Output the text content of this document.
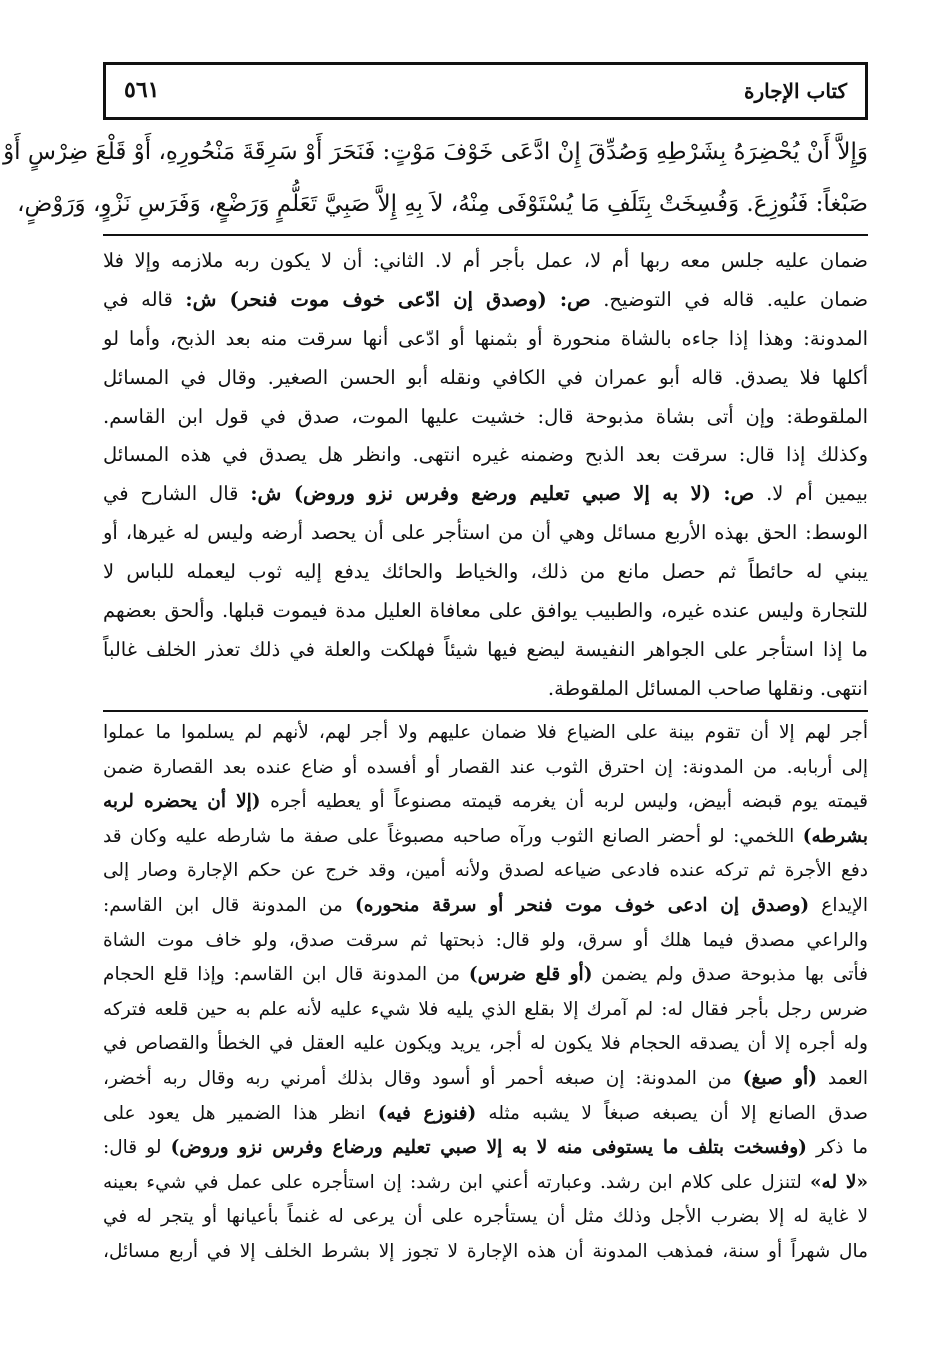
كتاب الإجارة
٥٦١
وَإِلاَّ أَنْ يُحْضِرَهُ بِشَرْطِهِ وَصُدِّقَ إِنْ ادَّعَى خَوْفَ مَوْتٍ: فَنَحَرَ أَوْ سَرِقَةَ مَنْحُورِهِ، أَوْ قَلْعَ ضِرْسٍ أَوْ
صَبْغاً: فَنُوزِعَ. وَفُسِخَتْ بِتَلَفِ مَا يُسْتَوْفَى مِنْهُ، لاَ بِهِ إِلاَّ صَبِيَّ تَعَلُّمٍ وَرَضْعٍ، وَفَرَسِ نَزْوٍ، وَرَوْضٍ،
ضمان عليه جلس معه ربها أم لا، عمل بأجر أم لا. الثاني: أن لا يكون ربه ملازمه وإلا فلا
ضمان عليه. قاله في التوضيح. ص: (وصدق إن ادّعى خوف موت فنحر) ش: قاله في
المدونة: وهذا إذا جاءه بالشاة منحورة أو بثمنها أو ادّعى أنها سرقت منه بعد الذبح، وأما لو
أكلها فلا يصدق. قاله أبو عمران في الكافي ونقله أبو الحسن الصغير. وقال في المسائل
الملقوطة: وإن أتى بشاة مذبوحة قال: خشيت عليها الموت، صدق في قول ابن القاسم.
وكذلك إذا قال: سرقت بعد الذبح وضمنه غيره انتهى. وانظر هل يصدق في هذه المسائل
بيمين أم لا. ص: (لا به إلا صبي تعليم ورضع وفرس نزو وروض) ش: قال الشارح في
الوسط: الحق بهذه الأربع مسائل وهي أن من استأجر على أن يحصد أرضه وليس له غيرها، أو
يبني له حائطاً ثم حصل مانع من ذلك، والخياط والحائك يدفع إليه ثوب ليعمله للباس لا
للتجارة وليس عنده غيره، والطبيب يوافق على معافاة العليل مدة فيموت قبلها. وألحق بعضهم
ما إذا استأجر على الجواهر النفيسة ليضع فيها شيئاً فهلكت والعلة في ذلك تعذر الخلف غالباً
انتهى. ونقلها صاحب المسائل الملقوطة.
أجر لهم إلا أن تقوم بينة على الضياع فلا ضمان عليهم ولا أجر لهم، لأنهم لم يسلموا ما عملوا
إلى أربابه. من المدونة: إن احترق الثوب عند القصار أو أفسده أو ضاع عنده بعد القصارة ضمن
قيمته يوم قبضه أبيض، وليس لربه أن يغرمه قيمته مصنوعاً أو يعطيه أجره (إلا أن يحضره لربه
بشرطه) اللخمي: لو أحضر الصانع الثوب ورآه صاحبه مصبوغاً على صفة ما شارطه عليه وكان قد
دفع الأجرة ثم تركه عنده فادعى ضياعه لصدق ولأنه أمين، وقد خرج عن حكم الإجارة وصار إلى
الإيداع (وصدق إن ادعى خوف موت فنحر أو سرقة منحوره) من المدونة قال ابن القاسم:
والراعي مصدق فيما هلك أو سرق، ولو قال: ذبحتها ثم سرقت صدق، ولو خاف موت الشاة
فأتى بها مذبوحة صدق ولم يضمن (أو قلع ضرس) من المدونة قال ابن القاسم: وإذا قلع الحجام
ضرس رجل بأجر فقال له: لم آمرك إلا بقلع الذي يليه فلا شيء عليه لأنه علم به حين قلعه فتركه
وله أجره إلا أن يصدقه الحجام فلا يكون له أجر، يريد ويكون عليه العقل في الخطأ والقصاص في
العمد (أو صبغ) من المدونة: إن صبغه أحمر أو أسود وقال بذلك أمرني ربه وقال ربه أخضر،
صدق الصانع إلا أن يصبغه صبغاً لا يشبه مثله (فنوزع فيه) انظر هذا الضمير هل يعود على
ما ذكر (وفسخت بتلف ما يستوفى منه لا به إلا صبي تعليم ورضاع وفرس نزو وروض) لو قال:
«لا له» لتنزل على كلام ابن رشد. وعبارته أعني ابن رشد: إن استأجره على عمل في شيء بعينه
لا غاية له إلا بضرب الأجل وذلك مثل أن يستأجره على أن يرعى له غنماً بأعيانها أو يتجر له في
مال شهراً أو سنة، فمذهب المدونة أن هذه الإجارة لا تجوز إلا بشرط الخلف إلا في أربع مسائل،
